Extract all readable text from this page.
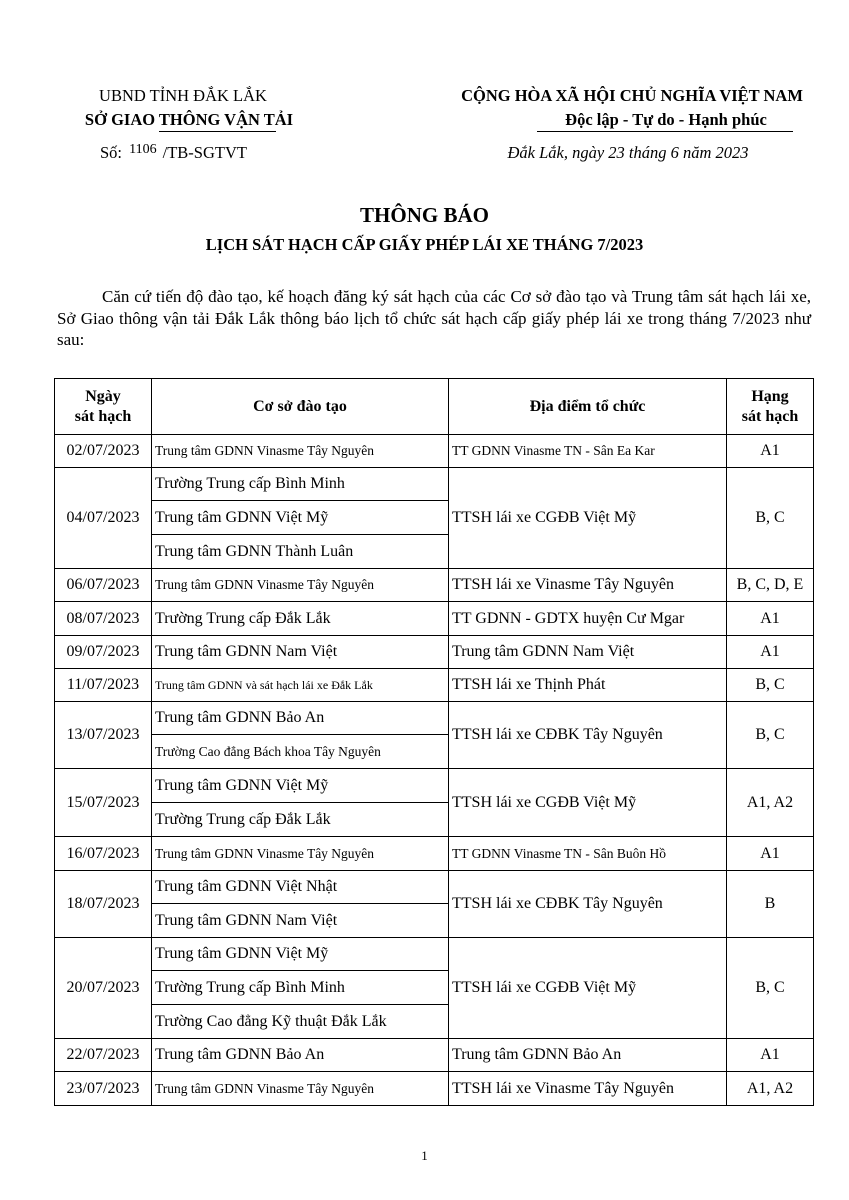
UBND TỈNH ĐẮK LẮK
SỞ GIAO THÔNG VẬN TẢI
Số: $^{1106}$ /TB-SGTVT
CỘNG HÒA XÃ HỘI CHỦ NGHĨA VIỆT NAM
Độc lập - Tự do - Hạnh phúc
Đắk Lắk, ngày 23 tháng 6 năm 2023
THÔNG BÁO
LỊCH SÁT HẠCH CẤP GIẤY PHÉP LÁI XE THÁNG 7/2023
Căn cứ tiến độ đào tạo, kế hoạch đăng ký sát hạch của các Cơ sở đào tạo và Trung tâm sát hạch lái xe, Sở Giao thông vận tải Đắk Lắk thông báo lịch tổ chức sát hạch cấp giấy phép lái xe trong tháng 7/2023 như sau:
Ngày
sát hạch	Cơ sở đào tạo	Địa điểm tổ chức	Hạng
sát hạch
02/07/2023	Trung tâm GDNN Vinasme Tây Nguyên	TT GDNN Vinasme TN - Sân Ea Kar	A1
04/07/2023	Trường Trung cấp Bình Minh	TTSH lái xe CGĐB Việt Mỹ	B, C
	Trung tâm GDNN Việt Mỹ		
	Trung tâm GDNN Thành Luân		
06/07/2023	Trung tâm GDNN Vinasme Tây Nguyên	TTSH lái xe Vinasme Tây Nguyên	B, C, D, E
08/07/2023	Trường Trung cấp Đắk Lắk	TT GDNN - GDTX huyện Cư Mgar	A1
09/07/2023	Trung tâm GDNN Nam Việt	Trung tâm GDNN Nam Việt	A1
11/07/2023	Trung tâm GDNN và sát hạch lái xe Đắk Lắk	TTSH lái xe Thịnh Phát	B, C
13/07/2023	Trung tâm GDNN Bảo An	TTSH lái xe CĐBK Tây Nguyên	B, C
	Trường Cao đẳng Bách khoa Tây Nguyên		
15/07/2023	Trung tâm GDNN Việt Mỹ	TTSH lái xe CGĐB Việt Mỹ	A1, A2
	Trường Trung cấp Đắk Lắk		
16/07/2023	Trung tâm GDNN Vinasme Tây Nguyên	TT GDNN Vinasme TN - Sân Buôn Hồ	A1
18/07/2023	Trung tâm GDNN Việt Nhật	TTSH lái xe CĐBK Tây Nguyên	B
	Trung tâm GDNN Nam Việt		
20/07/2023	Trung tâm GDNN Việt Mỹ	TTSH lái xe CGĐB Việt Mỹ	B, C
	Trường Trung cấp Bình Minh		
	Trường Cao đẳng Kỹ thuật Đắk Lắk		
22/07/2023	Trung tâm GDNN Bảo An	Trung tâm GDNN Bảo An	A1
23/07/2023	Trung tâm GDNN Vinasme Tây Nguyên	TTSH lái xe Vinasme Tây Nguyên	A1, A2
1
